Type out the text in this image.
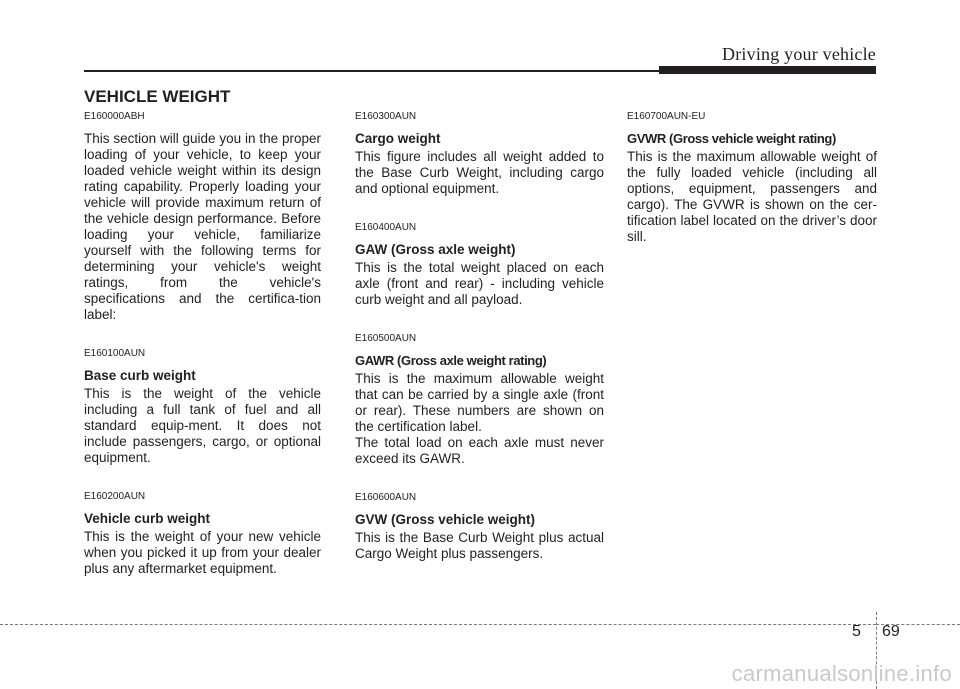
Driving your vehicle
VEHICLE WEIGHT

E160000ABH

This section will guide you in the proper loading of your vehicle, to keep your loaded vehicle weight within its design rating capability. Properly loading your vehicle will provide maximum return of the vehicle design performance. Before loading your vehicle, familiarize yourself with the following terms for determining your vehicle's weight ratings, from the vehicle's specifications and the certifica-tion label:

E160100AUN

Base curb weight

This is the weight of the vehicle including a full tank of fuel and all standard equip-ment. It does not include passengers, cargo, or optional equipment.

E160200AUN

Vehicle curb weight

This is the weight of your new vehicle when you picked it up from your dealer plus any aftermarket equipment.

E160300AUN

Cargo weight

This figure includes all weight added to the Base Curb Weight, including cargo and optional equipment.

E160400AUN

GAW (Gross axle weight)

This is the total weight placed on each axle (front and rear) - including vehicle curb weight and all payload.

E160500AUN

GAWR (Gross axle weight rating)

This is the maximum allowable weight that can be carried by a single axle (front or rear). These numbers are shown on the certification label.
The total load on each axle must never exceed its GAWR.

E160600AUN

GVW (Gross vehicle weight)

This is the Base Curb Weight plus actual Cargo Weight plus passengers.

E160700AUN-EU

GVWR (Gross vehicle weight rating)

This is the maximum allowable weight of the fully loaded vehicle (including all options, equipment, passengers and cargo). The GVWR is shown on the cer-tification label located on the driver’s door sill.

5 69
carmanualsonline.info
